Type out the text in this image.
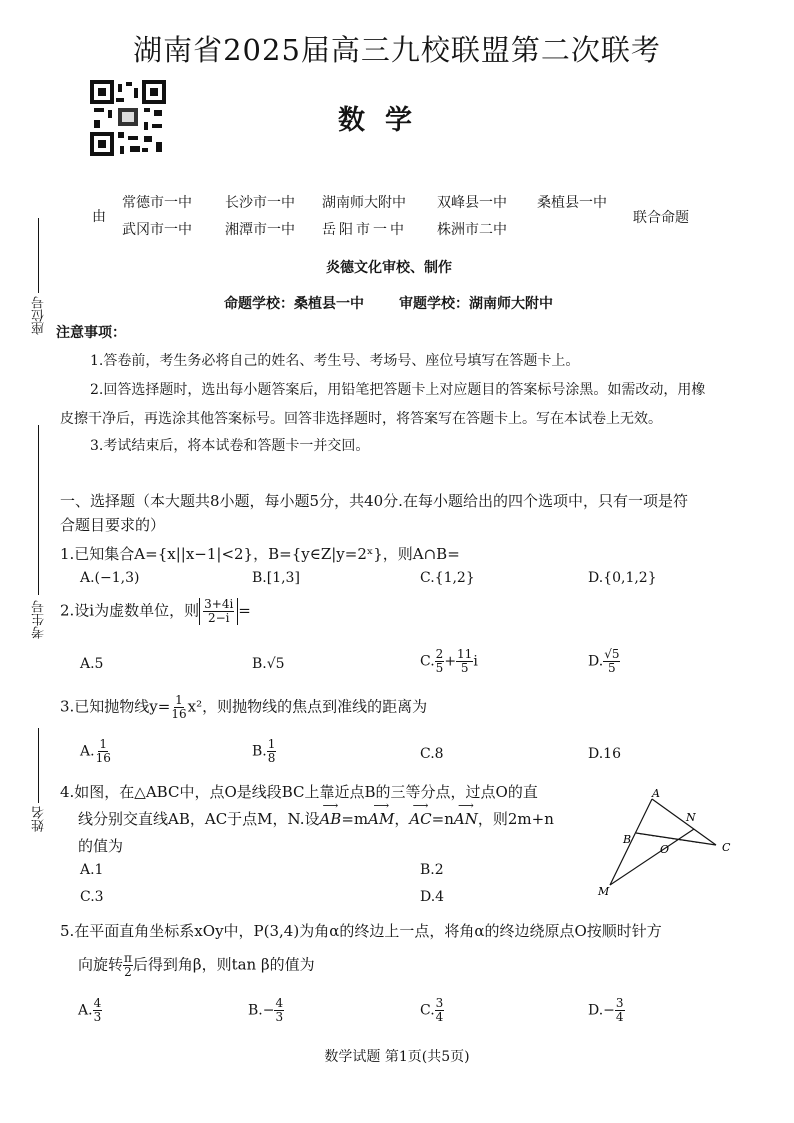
湖南省2025届高三九校联盟第二次联考
数学
由
常德市一中 长沙市一中 湖南师大附中 双峰县一中 桑植县一中
武冈市一中 湘潭市一中 岳阳市一中 株洲市二中
联合命题
炎德文化审校、制作
命题学校：桑植县一中	审题学校：湖南师大附中
座位号
考生号
姓名
注意事项：
1.答卷前，考生务必将自己的姓名、考生号、考场号、座位号填写在答题卡上。
2.回答选择题时，选出每小题答案后，用铅笔把答题卡上对应题目的答案标号涂黑。如需改动，用橡
皮擦干净后，再选涂其他答案标号。回答非选择题时，将答案写在答题卡上。写在本试卷上无效。
3.考试结束后，将本试卷和答题卡一并交回。
一、选择题（本大题共8小题，每小题5分，共40分.在每小题给出的四个选项中，只有一项是符
合题目要求的）
1.已知集合A={x||x−1|<2}，B={y∈Z|y=2ˣ}，则A∩B=
A.(−1,3)	B.[1,3]	C.{1,2}	D.{0,1,2}
2.设i为虚数单位，则 $\frac{3+4i}{2-i}$ =
A.5	B.√5	C. $\frac{2}{5} + \frac{11}{5}$ i	D. $\frac{√5}{5}$
3.已知抛物线$y= \frac{1}{16} x^2$，则抛物线的焦点到准线的距离为
A. $\frac{1}{16}$	B. $\frac{1}{8}$	C.8	D.16
4.如图，在△ABC中，点O是线段BC上靠近点B的三等分点，过点O的直
线分别交直线AB，AC于点M，N.设⟶ AB=m⟶ AM，⟶ AC=n⟶ AN，则2m+n
的值为
A.1	B.2
C.3	D.4
A
B
C
O
N
M
5.在平面直角坐标系xOy中，P(3,4)为角α的终边上一点，将角α的终边绕原点O按顺时针方
向旋转 $\frac{\pi}{2}$ 后得到角β，则tan β的值为
A. $\frac{4}{3}$	$B.- \frac{4}{3}$	C. $\frac{3}{4}$	$D.- \frac{3}{4}$
数学试题 第1页(共5页)
